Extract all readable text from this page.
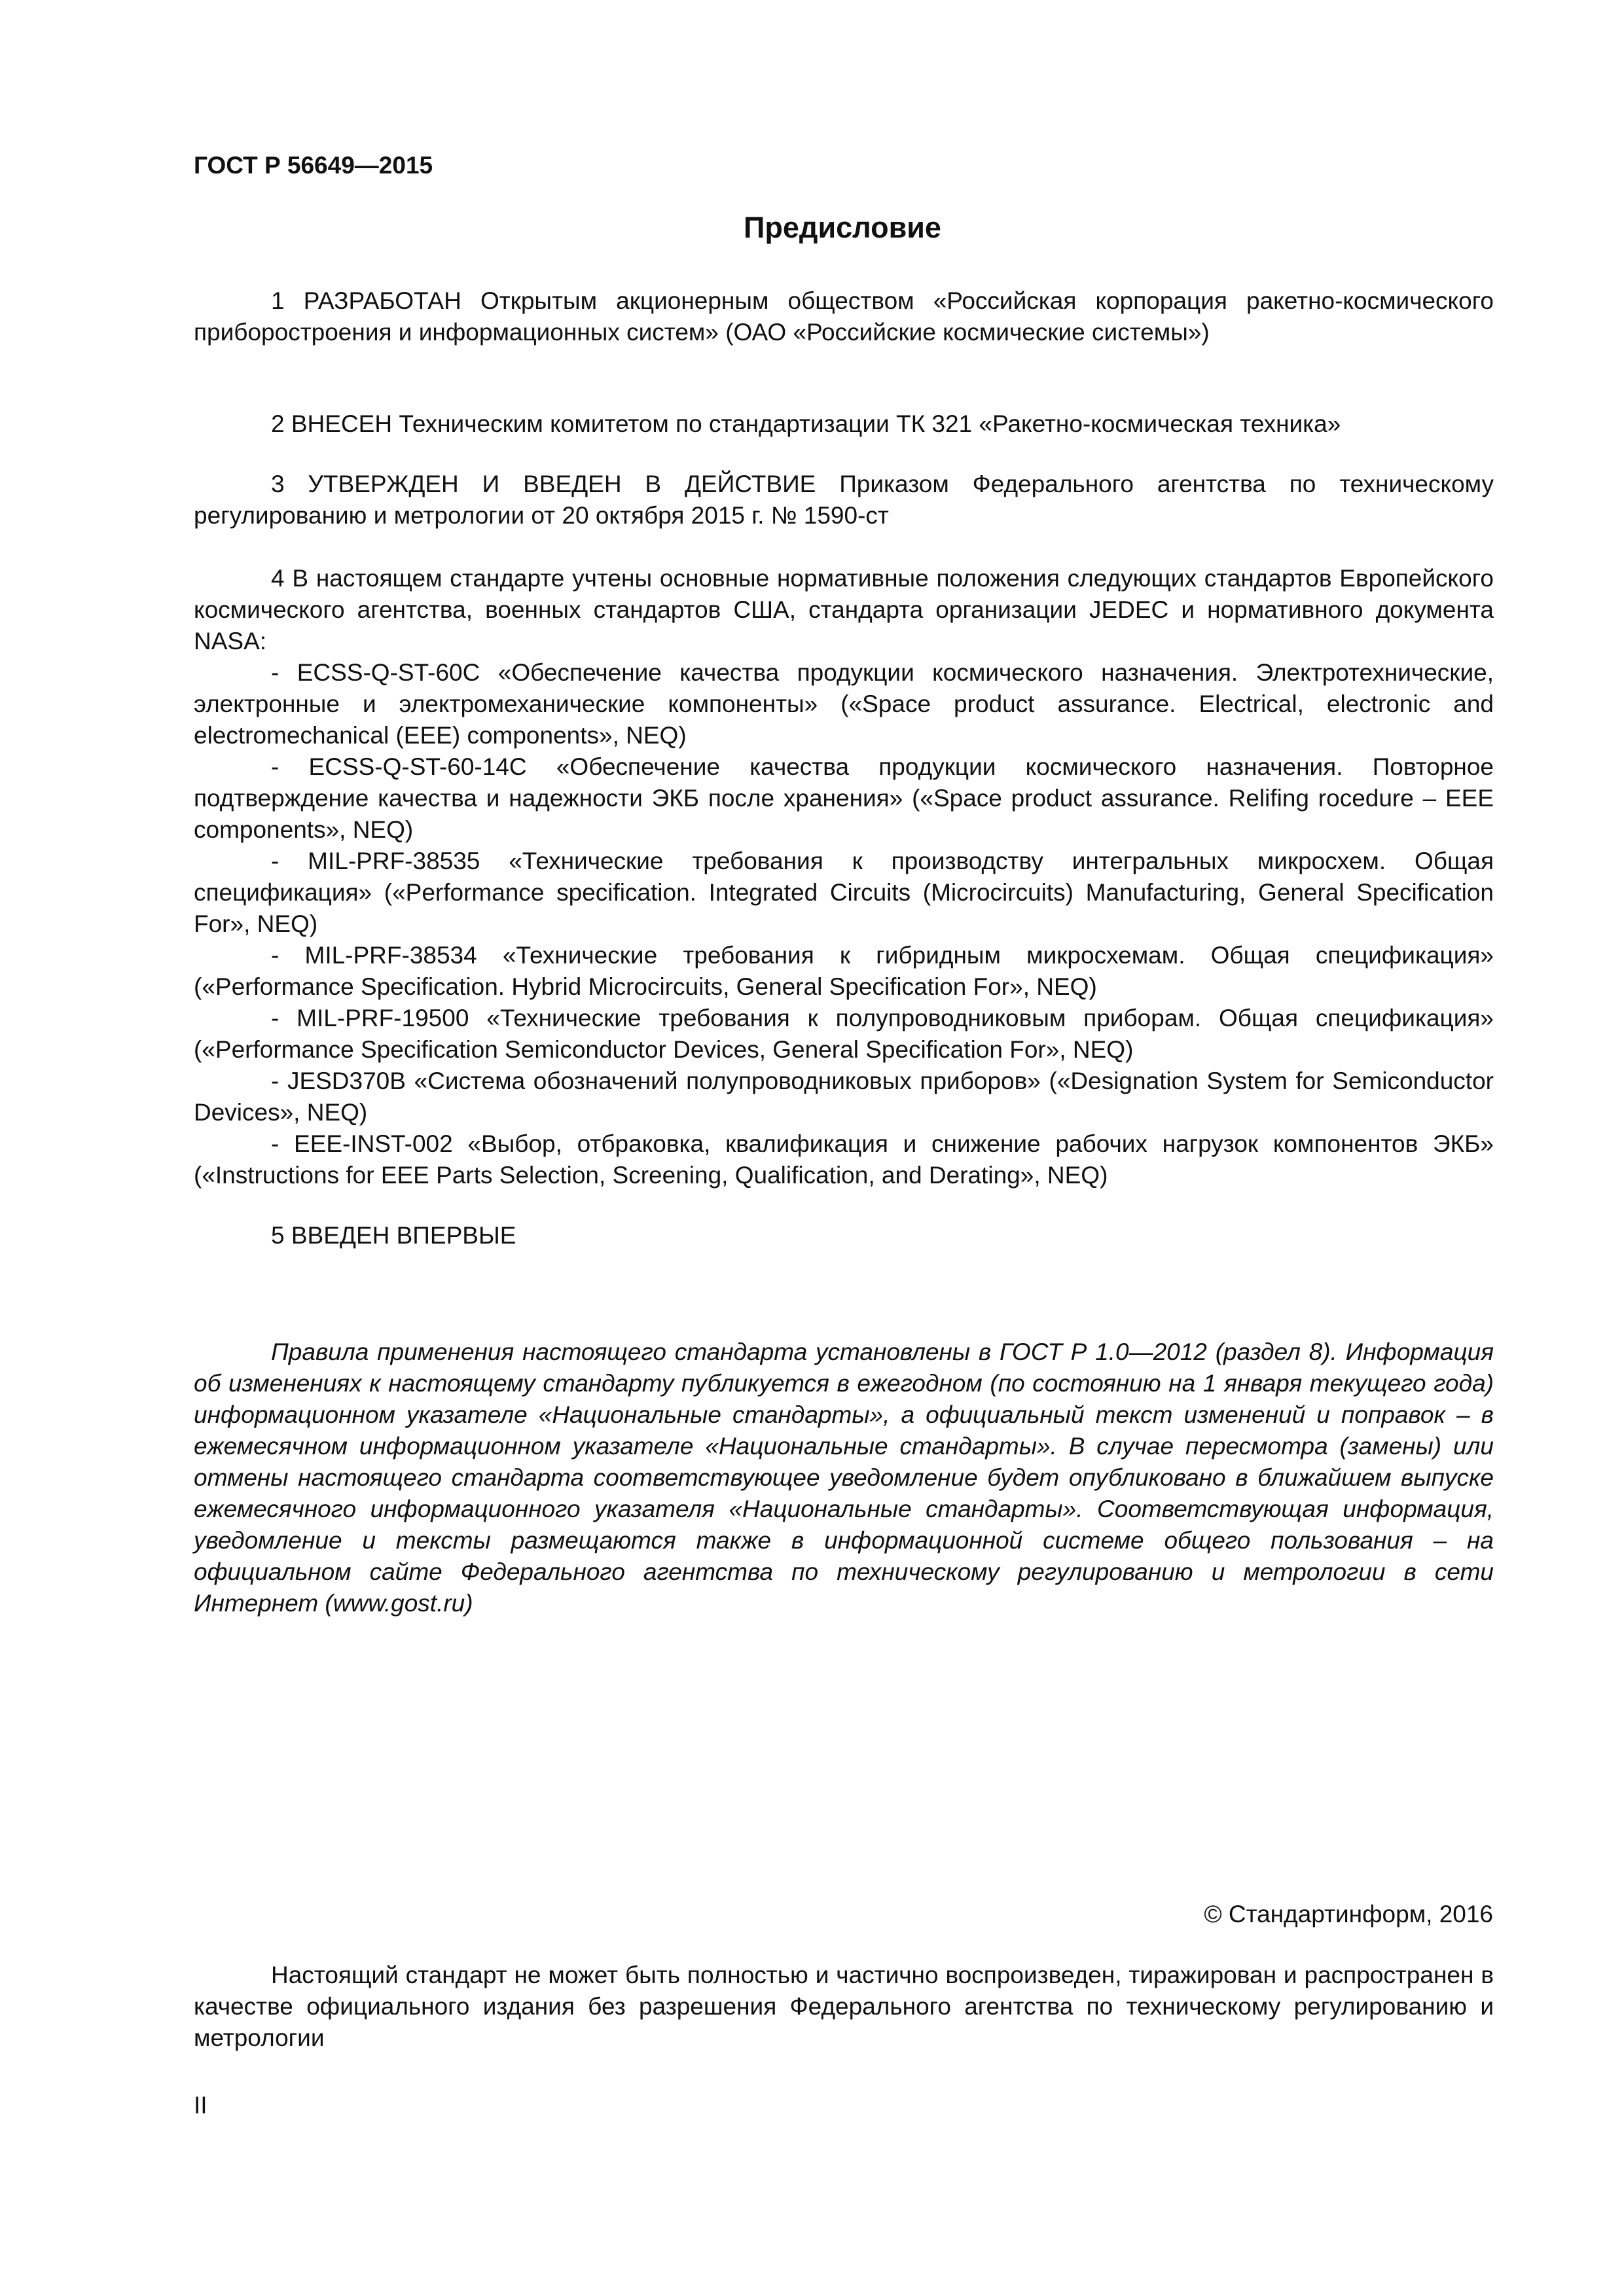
ГОСТ Р 56649—2015
Предисловие

1 РАЗРАБОТАН Открытым акционерным обществом «Российская корпорация ракетно-космического приборостроения и информационных систем» (ОАО «Российские космические системы»)

2 ВНЕСЕН Техническим комитетом по стандартизации ТК 321 «Ракетно-космическая техника»

3 УТВЕРЖДЕН И ВВЕДЕН В ДЕЙСТВИЕ Приказом Федерального агентства по техническому регулированию и метрологии от 20 октября 2015 г. № 1590-ст

4 В настоящем стандарте учтены основные нормативные положения следующих стандартов Европейского космического агентства, военных стандартов США, стандарта организации JEDEC и нормативного документа NASA:

- ECSS-Q-ST-60C «Обеспечение качества продукции космического назначения. Электротехнические, электронные и электромеханические компоненты» («Space product assurance. Electrical, electronic and electromechanical (EEE) components», NEQ)

- ECSS-Q-ST-60-14C «Обеспечение качества продукции космического назначения. Повторное подтверждение качества и надежности ЭКБ после хранения» («Space product assurance. Relifing rocedure – EEE components», NEQ)

- MIL-PRF-38535 «Технические требования к производству интегральных микросхем. Общая спецификация» («Performance specification. Integrated Circuits (Microcircuits) Manufacturing, General Specification For», NEQ)

- MIL-PRF-38534 «Технические требования к гибридным микросхемам. Общая спецификация» («Performance Specification. Hybrid Microcircuits, General Specification For», NEQ)

- MIL-PRF-19500 «Технические требования к полупроводниковым приборам. Общая спецификация» («Performance Specification Semiconductor Devices, General Specification For», NEQ)

- JESD370B «Система обозначений полупроводниковых приборов» («Designation System for Semiconductor Devices», NEQ)

- EEE-INST-002 «Выбор, отбраковка, квалификация и снижение рабочих нагрузок компонентов ЭКБ» («Instructions for EEE Parts Selection, Screening, Qualification, and Derating», NEQ)

5 ВВЕДЕН ВПЕРВЫЕ

Правила применения настоящего стандарта установлены в ГОСТ Р 1.0—2012 (раздел 8). Информация об изменениях к настоящему стандарту публикуется в ежегодном (по состоянию на 1 января текущего года) информационном указателе «Национальные стандарты», а официальный текст изменений и поправок – в ежемесячном информационном указателе «Национальные стандарты». В случае пересмотра (замены) или отмены настоящего стандарта соответствующее уведомление будет опубликовано в ближайшем выпуске ежемесячного информационного указателя «Национальные стандарты». Соответствующая информация, уведомление и тексты размещаются также в информационной системе общего пользования – на официальном сайте Федерального агентства по техническому регулированию и метрологии в сети Интернет (www.gost.ru)

© Стандартинформ, 2016

Настоящий стандарт не может быть полностью и частично воспроизведен, тиражирован и распространен в качестве официального издания без разрешения Федерального агентства по техническому регулированию и метрологии

II
